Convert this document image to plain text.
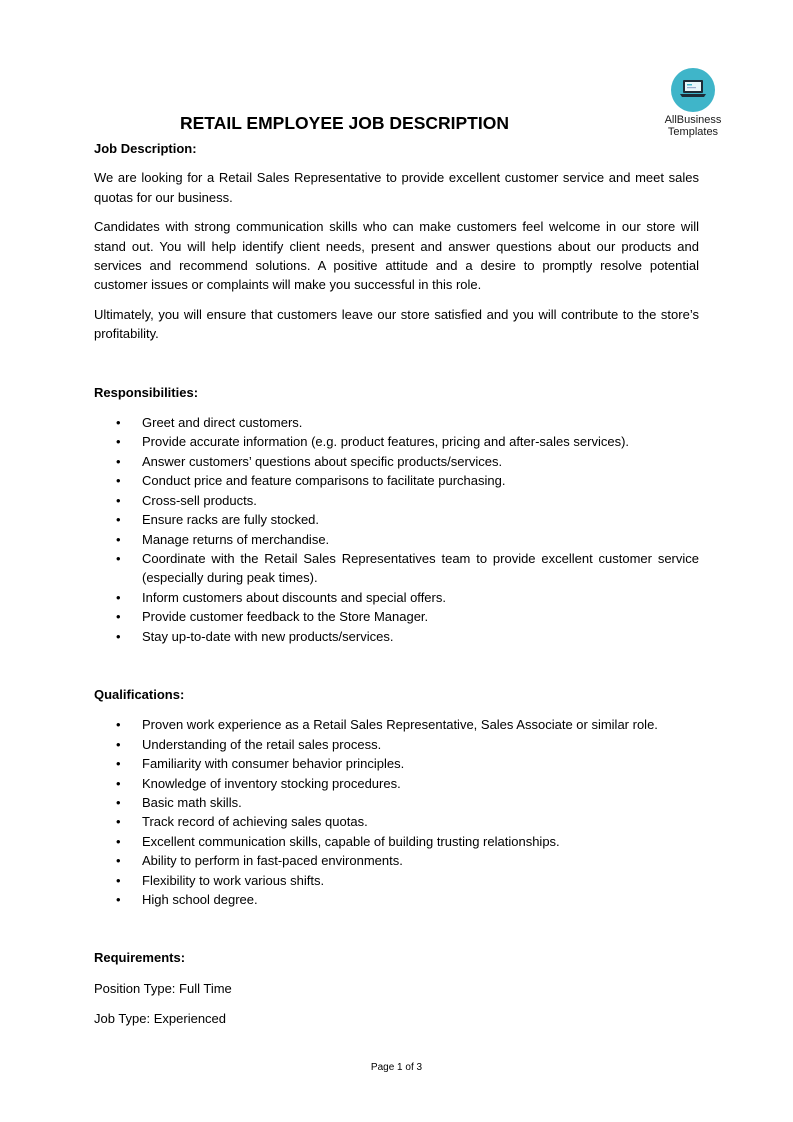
AllBusiness
Templates
RETAIL EMPLOYEE JOB DESCRIPTION

Job Description:

We are looking for a Retail Sales Representative to provide excellent customer service and meet sales quotas for our business.

Candidates with strong communication skills who can make customers feel welcome in our store will stand out. You will help identify client needs, present and answer questions about our products and services and recommend solutions. A positive attitude and a desire to promptly resolve potential customer issues or complaints will make you successful in this role.

Ultimately, you will ensure that customers leave our store satisfied and you will contribute to the store’s profitability.

Responsibilities:

• Greet and direct customers.
• Provide accurate information (e.g. product features, pricing and after-sales services).
• Answer customers’ questions about specific products/services.
• Conduct price and feature comparisons to facilitate purchasing.
• Cross-sell products.
• Ensure racks are fully stocked.
• Manage returns of merchandise.
• Coordinate with the Retail Sales Representatives team to provide excellent customer service (especially during peak times).
• Inform customers about discounts and special offers.
• Provide customer feedback to the Store Manager.
• Stay up-to-date with new products/services.

Qualifications:

• Proven work experience as a Retail Sales Representative, Sales Associate or similar role.
• Understanding of the retail sales process.
• Familiarity with consumer behavior principles.
• Knowledge of inventory stocking procedures.
• Basic math skills.
• Track record of achieving sales quotas.
• Excellent communication skills, capable of building trusting relationships.
• Ability to perform in fast-paced environments.
• Flexibility to work various shifts.
• High school degree.

Requirements:

Position Type: Full Time

Job Type: Experienced

Page 1 of 3
